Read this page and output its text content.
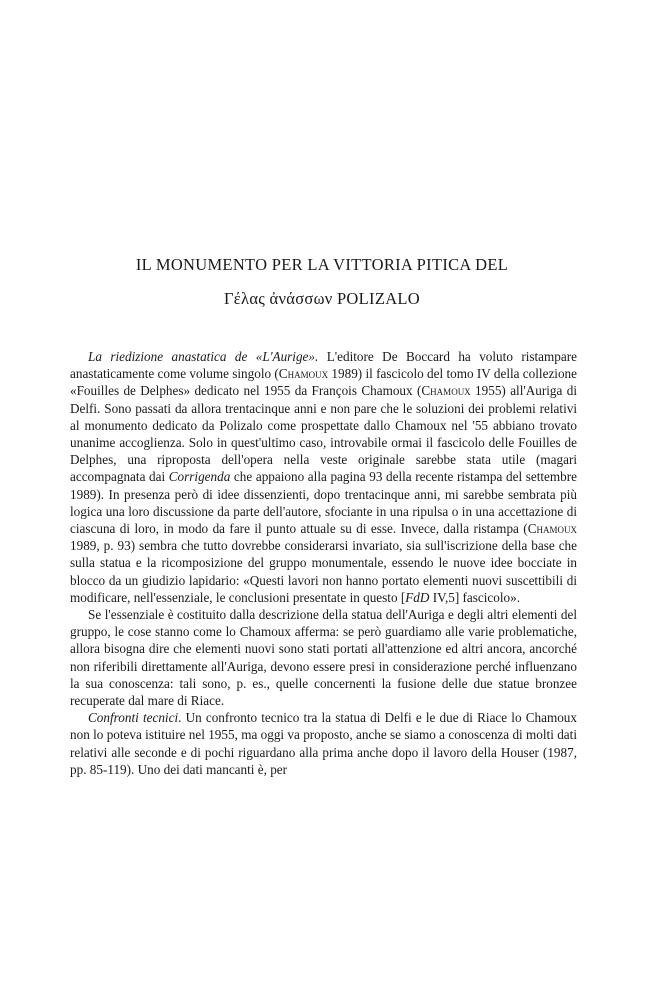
IL MONUMENTO PER LA VITTORIA PITICA DEL
Γέλας ἀνάσσων POLIZALO

La riedizione anastatica de «L'Aurige». L'editore De Boccard ha voluto ristampare anastaticamente come volume singolo (Chamoux 1989) il fascicolo del tomo IV della collezione «Fouilles de Delphes» dedicato nel 1955 da François Chamoux (Chamoux 1955) all'Auriga di Delfi. Sono passati da allora trentacinque anni e non pare che le soluzioni dei problemi relativi al monumento dedicato da Polizalo come prospettate dallo Chamoux nel '55 abbiano trovato unanime accoglienza. Solo in quest'ultimo caso, introvabile ormai il fascicolo delle Fouilles de Delphes, una riproposta dell'opera nella veste originale sarebbe stata utile (magari accompagnata dai Corrigenda che appaiono alla pagina 93 della recente ristampa del settembre 1989). In presenza però di idee dissenzienti, dopo trentacinque anni, mi sarebbe sembrata più logica una loro discussione da parte dell'autore, sfociante in una ripulsa o in una accettazione di ciascuna di loro, in modo da fare il punto attuale su di esse. Invece, dalla ristampa (Chamoux 1989, p. 93) sembra che tutto dovrebbe considerarsi invariato, sia sull'iscrizione della base che sulla statua e la ricomposizione del gruppo monumentale, essendo le nuove idee bocciate in blocco da un giudizio lapidario: «Questi lavori non hanno portato elementi nuovi suscettibili di modificare, nell'essenziale, le conclusioni presentate in questo [FdD IV,5] fascicolo».

Se l'essenziale è costituito dalla descrizione della statua dell'Auriga e degli altri elementi del gruppo, le cose stanno come lo Chamoux afferma: se però guardiamo alle varie problematiche, allora bisogna dire che elementi nuovi sono stati portati all'attenzione ed altri ancora, ancorché non riferibili direttamente all'Auriga, devono essere presi in considerazione perché influenzano la sua conoscenza: tali sono, p. es., quelle concernenti la fusione delle due statue bronzee recuperate dal mare di Riace.

Confronti tecnici. Un confronto tecnico tra la statua di Delfi e le due di Riace lo Chamoux non lo poteva istituire nel 1955, ma oggi va proposto, anche se siamo a conoscenza di molti dati relativi alle seconde e di pochi riguardano alla prima anche dopo il lavoro della Houser (1987, pp. 85-119). Uno dei dati mancanti è, per
